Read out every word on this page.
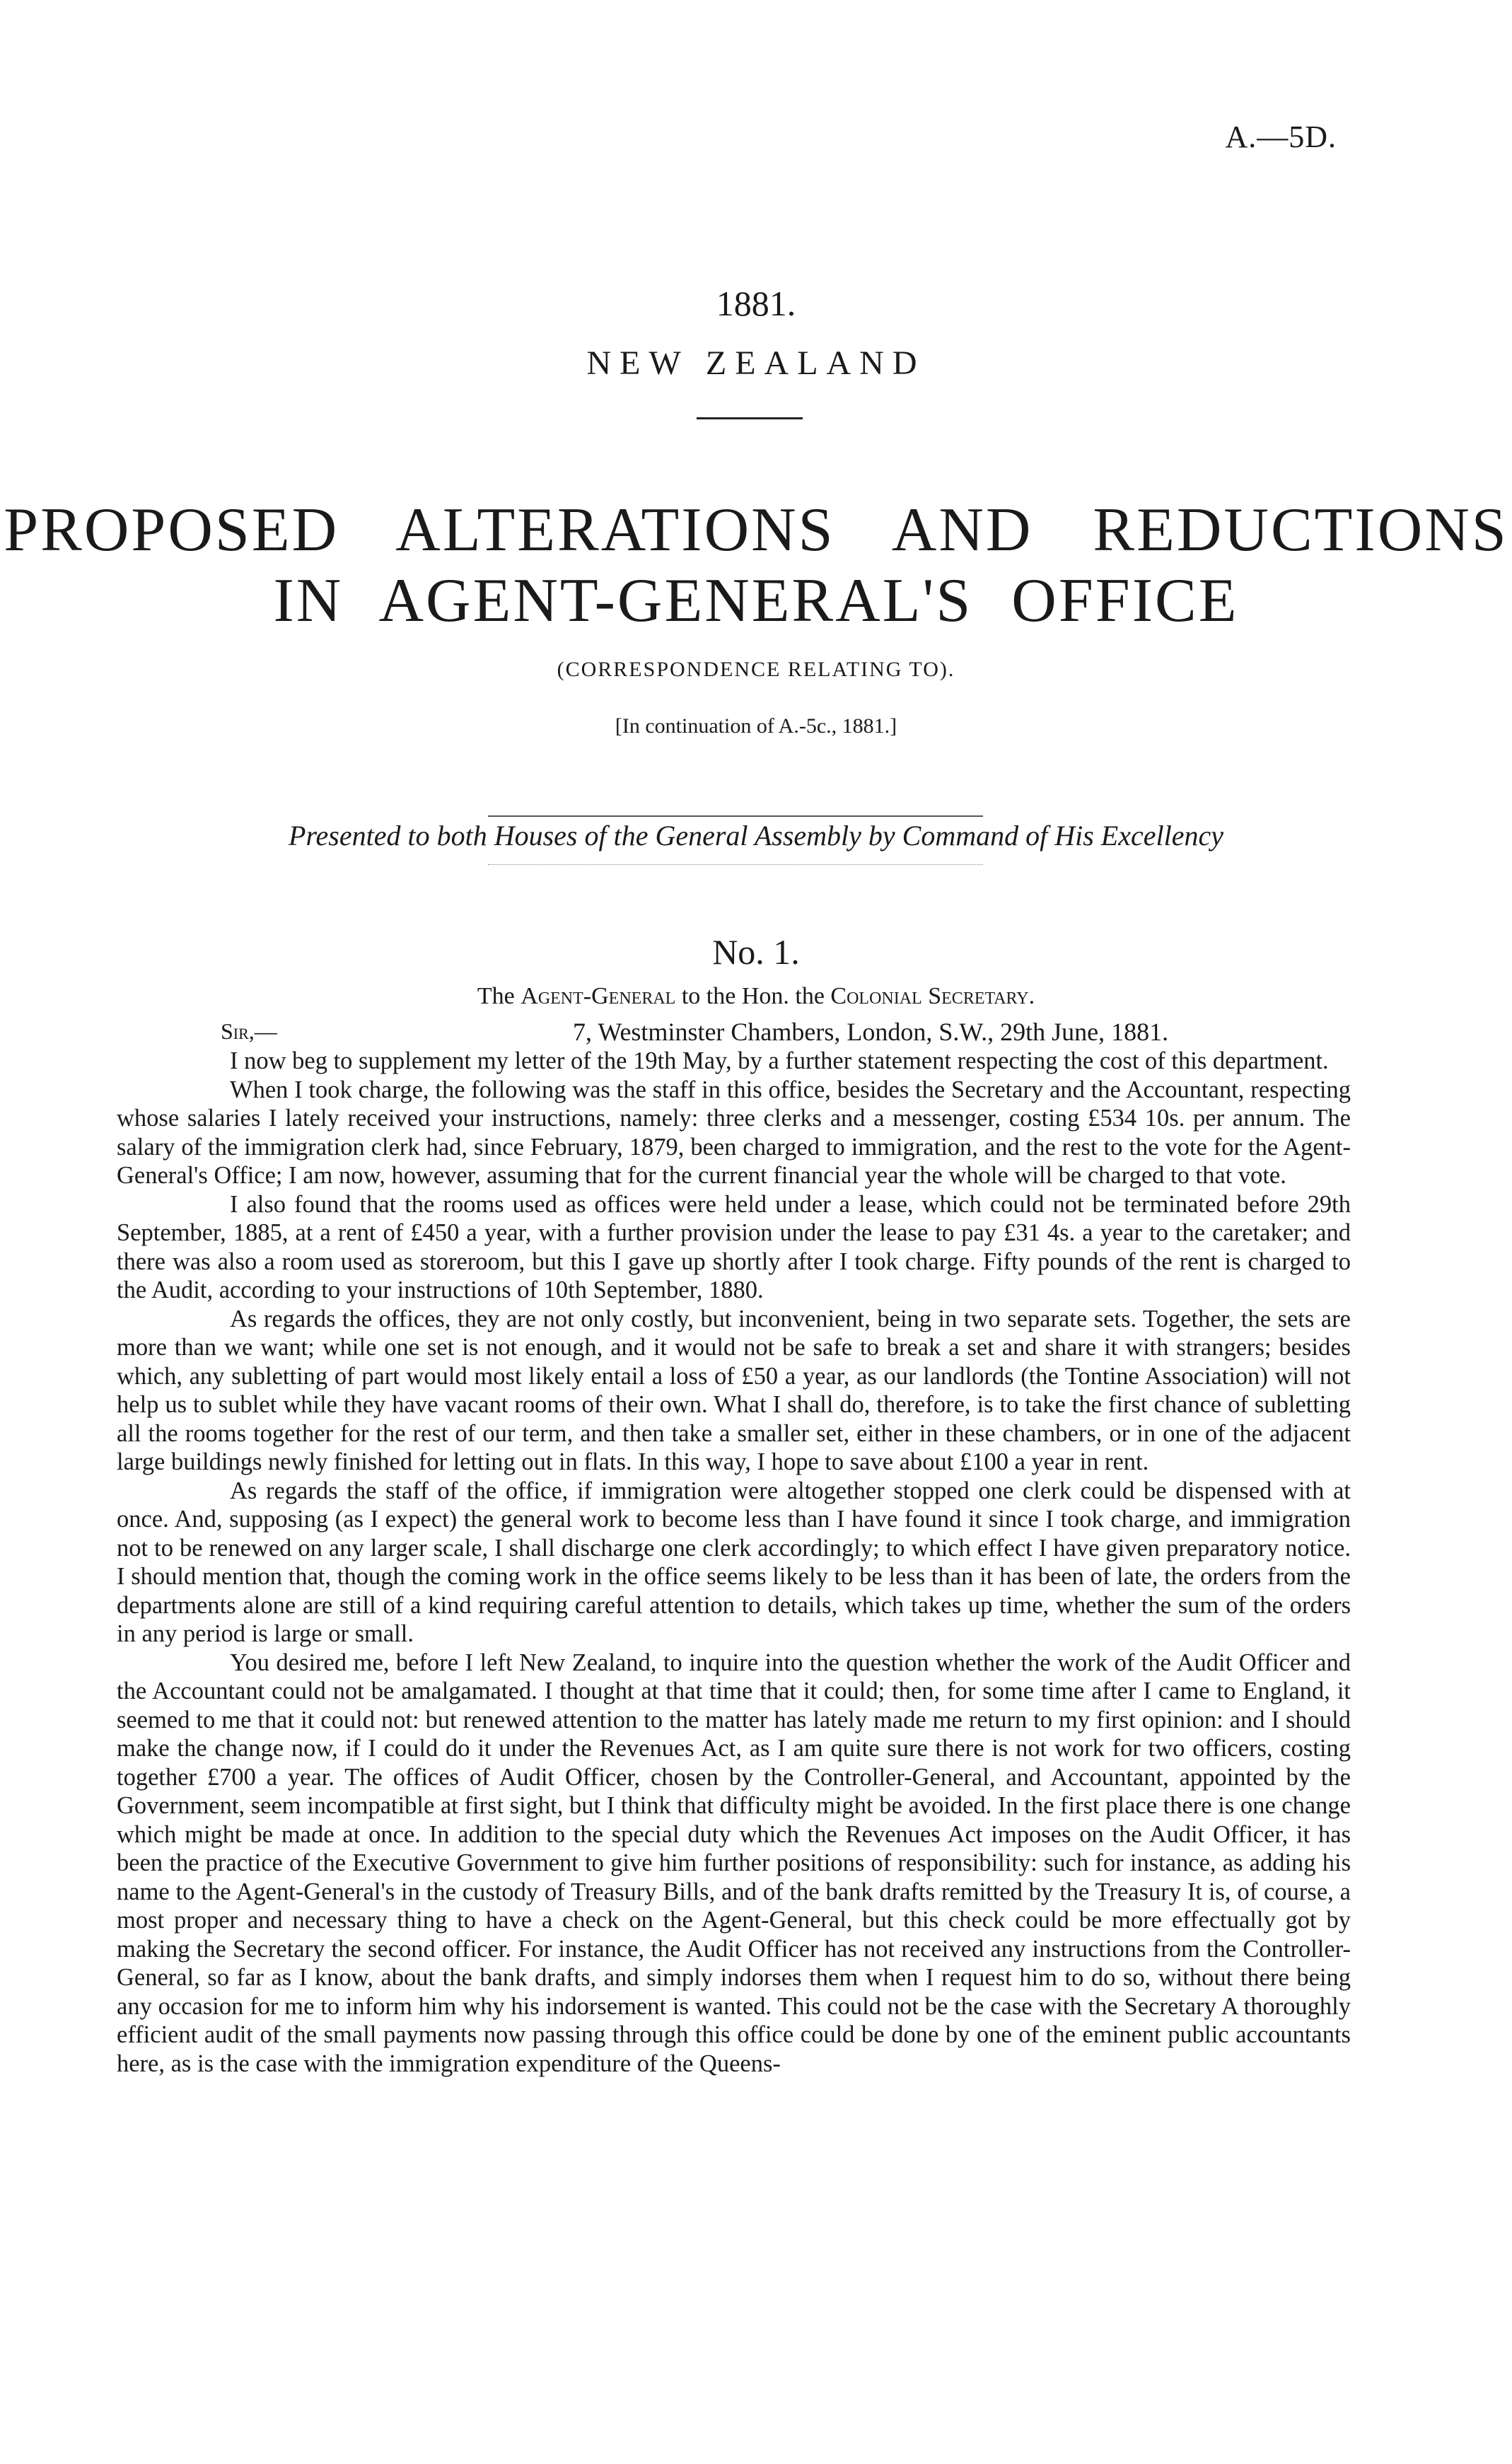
A.—5D.
1881.
NEW ZEALAND
PROPOSED ALTERATIONS AND REDUCTIONS
IN AGENT-GENERAL'S OFFICE
(CORRESPONDENCE RELATING TO).
[In continuation of A.-5c., 1881.]
Presented to both Houses of the General Assembly by Command of His Excellency
No. 1.
The Agent-General to the Hon. the Colonial Secretary.
Sir,—	7, Westminster Chambers, London, S.W., 29th June, 1881.

I now beg to supplement my letter of the 19th May, by a further statement respecting the cost of this department.

When I took charge, the following was the staff in this office, besides the Secretary and the Accountant, respecting whose salaries I lately received your instructions, namely: three clerks and a messenger, costing £534 10s. per annum. The salary of the immigration clerk had, since February, 1879, been charged to immigration, and the rest to the vote for the Agent-General's Office; I am now, however, assuming that for the current financial year the whole will be charged to that vote.

I also found that the rooms used as offices were held under a lease, which could not be terminated before 29th September, 1885, at a rent of £450 a year, with a further provision under the lease to pay £31 4s. a year to the caretaker; and there was also a room used as storeroom, but this I gave up shortly after I took charge. Fifty pounds of the rent is charged to the Audit, according to your instructions of 10th September, 1880.

As regards the offices, they are not only costly, but inconvenient, being in two separate sets. Together, the sets are more than we want; while one set is not enough, and it would not be safe to break a set and share it with strangers; besides which, any subletting of part would most likely entail a loss of £50 a year, as our landlords (the Tontine Association) will not help us to sublet while they have vacant rooms of their own. What I shall do, therefore, is to take the first chance of subletting all the rooms together for the rest of our term, and then take a smaller set, either in these chambers, or in one of the adjacent large buildings newly finished for letting out in flats. In this way, I hope to save about £100 a year in rent.

As regards the staff of the office, if immigration were altogether stopped one clerk could be dispensed with at once. And, supposing (as I expect) the general work to become less than I have found it since I took charge, and immigration not to be renewed on any larger scale, I shall discharge one clerk accordingly; to which effect I have given preparatory notice. I should mention that, though the coming work in the office seems likely to be less than it has been of late, the orders from the departments alone are still of a kind requiring careful attention to details, which takes up time, whether the sum of the orders in any period is large or small.

You desired me, before I left New Zealand, to inquire into the question whether the work of the Audit Officer and the Accountant could not be amalgamated. I thought at that time that it could; then, for some time after I came to England, it seemed to me that it could not: but renewed attention to the matter has lately made me return to my first opinion: and I should make the change now, if I could do it under the Revenues Act, as I am quite sure there is not work for two officers, costing together £700 a year. The offices of Audit Officer, chosen by the Controller-General, and Accountant, appointed by the Government, seem incompatible at first sight, but I think that difficulty might be avoided. In the first place there is one change which might be made at once. In addition to the special duty which the Revenues Act imposes on the Audit Officer, it has been the practice of the Executive Government to give him further positions of responsibility: such for instance, as adding his name to the Agent-General's in the custody of Treasury Bills, and of the bank drafts remitted by the Treasury It is, of course, a most proper and necessary thing to have a check on the Agent-General, but this check could be more effectually got by making the Secretary the second officer. For instance, the Audit Officer has not received any instructions from the Controller-General, so far as I know, about the bank drafts, and simply indorses them when I request him to do so, without there being any occasion for me to inform him why his indorsement is wanted. This could not be the case with the Secretary A thoroughly efficient audit of the small payments now passing through this office could be done by one of the eminent public accountants here, as is the case with the immigration expenditure of the Queens-
